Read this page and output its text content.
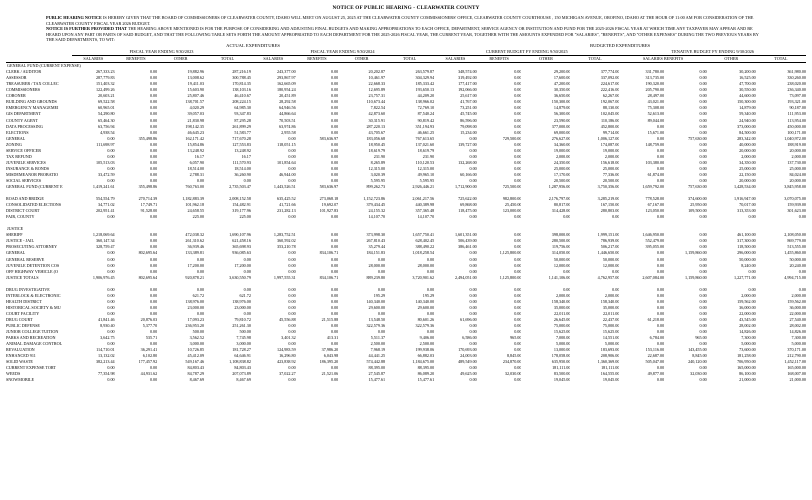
NOTICE OF PUBLIC HEARING - CLEARWATER COUNTY

PUBLIC HEARING NOTICE IS HEREBY GIVEN THAT THE BOARD OF COMMISSIONERS OF CLEARWATER COUNTY, IDAHO WILL MEET ON AUGUST 25, 2025 AT THE CLEARWATER COUNTY COMMISSIONERS' OFFICE, CLEARWATER COUNTY COURTHOUSE , 150 MICHIGAN AVENUE, OROFINO, IDAHO AT THE HOUR OF 11:00 AM FOR CONSIDERATION OF THE CLEARWATER COUNTY FISCAL YEAR 2026 BUDGET.

NOTICE IS FURTHER PROVIDED THAT THE HEARING ABOVE MENTIONED IS FOR THE PURPOSE OF CONSIDERING AND ADJUSTING FINAL BUDGETS AND MAKING APPROPRIATIONS TO EACH OFFICE, DEPARTMENT, SERVICE AGENCY OR INSTITUTION AND FUND FOR THE 2025-2026 FISCAL YEAR AT WHICH TIME ANY TAXPAYER MAY APPEAR AND BE HEARD UPON ANY PART OR PARTS OF SAID BUDGET, AND THAT THE FOLLOWING TABLE SETS FORTH THE AMOUNT APPROPRIATED TO EACH DEPARTMENT FOR THE 2025-2026 FISCAL YEAR, THE CURRENT YEAR, TOGETHER WITH THE AMOUNTS EXPENDED FOR "SALARIES", "BENEFITS", AND "OTHER EXPENSES" DURING THE TWO PREVIOUS YEARS BY THE SAID DEPARTMENTS, TO WIT:

	ACTUAL EXPENDITURES								BUDGETED EXPENDITURES							
	FISCAL YEAR ENDING 9/30/2023				FISCAL YEAR ENDING 9/30/2024				CURRENT BUDGET FY ENDING 9/30/2025				TENATIVE BUDGET FY ENDING 9/30/2026			
	SALARIES	BENEFITS	OTHER	TOTAL	SALARIES	BENEFITS	OTHER	TOTAL	SALARIES	BENEFITS	OTHER	TOTAL	SALARIES BENEFITS		OTHER	TOTAL
GENERAL FUND (CURRENT EXPENSE)																
CLERK / AUDITOR	267,333.23	0.00	19,882.96	287,216.19	243,377.00	0.00	20,202.87	263,579.87	348,574.00	0.00	29,200.00	377,774.00	331,780.00	0.00	30,200.00	361,980.00
ASSESSOR	287,779.83	0.00	13,008.62	300,788.45	293,867.97	0.00	10,461.97	304,329.94	319,492.00	0.00	17,600.00	337,092.00	313,735.00	0.00	16,525.00	330,260.00
TREASURER / TAX COLLEC	151,403.32	0.00	19,411.03	170,814.35	162,665.09	0.00	22,668.33	185,333.42	177,417.00	0.00	47,200.00	224,617.00	190,320.00	0.00	47,700.00	238,020.00
COMMISSIONERS	122,499.26	0.00	15,603.90	138,103.16	180,954.24	0.00	12,695.89	193,650.13	192,066.00	0.00	30,350.00	222,416.00	205,790.00	0.00	30,550.00	236,340.00
CORONER	20,603.21	0.00	25,807.46	46,410.67	20,451.89	0.00	23,757.31	44,209.20	25,617.00	0.00	36,650.00	62,267.00	28,497.00	0.00	44,600.00	73,097.00
BUILDING AND GROUNDS	69,522.58	0.00	138,701.57	208,224.15	28,292.58	0.00	110,673.44	138,966.02	41,767.00	0.00	150,300.00	192,067.00	43,021.00	0.00	150,300.00	193,321.00
EMERGENCY MANAGEMEI	60,965.01	0.00	4,020.29	64,985.30	64,946.56	0.00	7,822.54	72,769.10	73,251.00	0.00	14,879.00	88,130.00	75,308.00	0.00	14,879.00	90,187.00
GIS DEPARTMENT	54,290.80	0.00	39,057.03	93,347.83	44,866.64	0.00	42,873.60	87,540.24	45,745.00	0.00	56,300.00	102,045.00	52,613.00	0.00	59,340.00	111,953.00
COUNTY AGENT	65,464.30	0.00	21,830.98	87,295.28	70,503.51	0.00	30,315.91	90,819.42	86,596.00	0.00	23,590.00	110,186.00	89,044.00	0.00	24,940.00	113,954.00
DATA PROCESSING	63,756.94	0.00	198,142.35	261,899.29	63,974.86	0.00	287,220.13	351,194.93	79,098.00	0.00	377,000.00	452,800.00	0.00	0.00	373,000.00	450,000.00
ELECTIONS	4,938.54	0.00	46,645.23	51,583.77	2,955.58	0.00	43,705.67	46,661.25	15,234.00	0.00	69,000.00	99,714.00	15,671.00	0.00	84,500.00	100,171.00
GENERAL	0.00	355,498.86	162,171.42	717,670.28	0.00	583,636.97	183,056.68	767,613.65	0.00	729,500.00	276,627.00	1,006,127.00	0.00	757,630.00	283,342.00	1,040,972.00
ZONING	111,698.97	0.00	15,854.86	127,553.83	118,051.15	0.00	18,950.45	137,021.60	139,727.00	0.00	34,360.00	174,087.00	148,759.00	0.00	40,000.00	188,919.00
SERVICE OFFICER	0.00	0.00	13,248.92	13,248.92	0.00	0.00	18,619.79	18,619.79	0.00	0.00	19,000.00	19,000.00	0.00	0.00	20,000.00	20,000.00
TAX REFUND	0.00	0.00	16.17	16.17	0.00	0.00	231.90	231.90	0.00	0.00	2,000.00	2,000.00	0.00	0.00	2,000.00	2,000.00
JUVENILE SERVICES	105,513.03	0.00	6,057.90	111,570.93	101,854.64	0.00	8,265.89	110,120.53	132,268.00	0.00	24,350.00	156,618.00	103,380.00	0.00	34,350.00	137,730.00
INSURANCE & BONDS	0.00	0.00	18,514.00	18,514.00	0.00	0.00	12,315.00	12,315.00	0.00	0.00	25,000.00	25,000.00	0.00	0.00	25,000.00	25,000.00
MISDEMEANOR PROBATIO	33,472.59	0.00	2,788.31	36,260.90	46,944.00	0.00	3,020.39	49,965.10	60,166.00	0.00	17,170.00	77,336.00	61,874.00	0.00	22,150.00	84,024.00
SOCIAL SERVICES	0.00	0.00	0.00	0.00	0.00	0.00	5,595.95	5,595.95	0.00	0.00	20,500.00	20,500.00	0.00	0.00	20,000.00	20,000.00
GENERAL FUND (CURRENT E	1,419,241.61	355,498.86	760,763.00	2,735,503.47	1,443,526.51	583,636.97	899,262.73	2,926,446.21	1,712,900.00	725,500.00	1,287,956.00	3,750,356.00	1,659,792.00	757,630.00	1,428,534.00	3,845,958.00

ROAD AND BRIDGE	554,554.79	270,714.39	1,182,883.39	2,008,152.58	635,425.52	273,068.18	1,152,723.86	2,061,217.56	725,622.00	982,800.00	2,176,797.00	3,285,219.00	778,528.00	374,600.00	1,916,947.00	3,070,075.00
CONSOLIDATED ELECTIONS	34,771.02	17,749.71	101,962.18	154,482.91	41,721.66	19,692.07	379,434.45	440,389.98	69,868.00	25,450.00	80,817.00	167,150.00	67,167.00	25,950.00	70,017.00	159,939.00
DISTRICT COURT	202,951.41	91,528.00	24,658.55	319,177.96	231,282.13	101,927.83	24,155.32	357,365.48	118,475.00	123,000.00	314,428.00	280,803.00	123,050.00	109,500.00	313,353.00	301,623.00
FAIR, COUNTY	0.00	0.00	225.00	225.00	0.00	0.00	14,107.70	14,107.70	0.00	0.00	0.00	0.00	0.00	0.00	0.00	0.00

JUSTICE																
SHERIFF	1,218,069.64	0.00	472,038.32	1,690,107.96	1,283,752.51	0.00	373,998.30	1,657,750.41	1,601,351.00	0.00	398,000.00	1,999,151.00	1,646,950.00	0.00	461,100.00	2,108,050.00
JUSTICE - JAIL	360,147.34	0.00	261,310.62	621,458.16	360,592.02	0.00	267,810.43	628,402.45	506,439.00	0.00	280,500.00	786,939.00	552,479.00	0.00	317,300.00	869,779.00
PROSECUTING ATTORNEY	328,759.47	0.00	36,939.46	365,698.93	353,210.78	0.00	35,279.44	388,490.22	386,461.00	0.00	119,756.00	506,217.00	395,055.00	0.00	118,500.00	513,555.00
GENERAL	0.00	802,695.64	133,389.81	936,085.63	0.00	834,106.71	184,151.83	1,018,258.54	0.00	1,125,800.00	314,050.00	1,446,650.00	0.00	1,159,860.00	296,000.00	1,455,860.00
GENERAL RESERVE	0.00	0.00	0.00	0.00	0.00	0.00	0.00	0.00	0.00	0.00	50,000.00	50,000.00	0.00	0.00	50,000.00	50,000.00
JUVENILE DETENTION COS	0.00	0.00	17,200.00	17,200.00	0.00	0.00	28,000.00	28,000.00	0.00	0.00	12,000.00	12,000.00	0.00	0.00	8,240.00	20,240.00
OFF HIGHWAY VEHICLE (O	0.00	0.00	0.00	0.00	0.00	0.00	0.00	0.00	0.00	0.00	0.00	0.00	0.00	0.00	0.00	0.00
JUSTICE TOTALS	1,906,976.45	802,695.64	920,878.21	3,630,550.79	1,997,555.31	834,106.71	889,239.80	3,720,901.62	2,494,051.00	1,125,800.00	1,141,106.00	4,762,957.00	2,607,084.00	1,159,860.00	1,227,771.00	4,994,715.00

DRUG INVESTIGATIVE	0.00	0.00	0.00	0.00	0.00	0.00	0.00	0.00	0.00	0.00	0.00	0.00	0.00	0.00	0.00	0.00
INTERLOCK & ELECTRONIC	0.00	0.00	621.72	621.72	0.00	0.00	195.29	195.29	0.00	0.00	2,000.00	2,000.00	0.00	0.00	2,000.00	2,000.00
HEALTH DISTRICT	0.00	0.00	138,976.00	138,976.00	0.00	0.00	140,340.00	140,340.00	0.00	0.00	158,340.00	158,340.00	0.00	0.00	159,562.00	159,562.00
HISTORICAL SOCIETY & MU	0.00	0.00	23,000.00	23,000.00	0.00	0.00	29,600.00	29,600.00	0.00	0.00	35,000.00	35,000.00	0.00	0.00	36,000.00	36,000.00
COURT FACILITY	0.00	0.00	0.00	0.00	0.00	0.00	0.00	0.00	0.00	0.00	22,011.00	22,011.00	0.00	0.00	22,000.00	22,000.00
DRUG COURT	41,841.46	20,876.03	17,093.23	79,810.72	45,556.88	21,515.88	13,548.50	80,601.26	61,696.00	0.00	26,645.00	22,437.00	61,218.00	0.00	43,545.00	27,540.00
PUBLIC DEFENSE	8,930.40	5,377.70	236,953.20	251,261.30	0.00	0.00	322,579.36	322,579.36	0.00	0.00	75,000.00	75,000.00	0.00	0.00	28,002.00	28,002.00
JUNIOR COLLEGE TUITION	0.00	0.00	500.00	500.00	0.00	0.00	0.00	0.00	0.00	0.00	15,625.00	15,625.00	0.00	0.00	14,826.00	14,826.00
PARKS AND RECREATION	3,642.75	535.71	3,562.52	7,745.98	3,401.32	413.31	5,511.37	9,406.00	6,586.00	965.00	7,000.00	14,551.00	6,784.00	965.00	7,300.00	7,300.00
ANIMAL DAMAGE CONTROL	0.00	0.00	3,000.00	3,000.00	0.00	0.00	2,500.00	2,500.00	0.00	0.00	5,000.00	5,000.00	0.00	0.00	5,000.00	5,000.00
REVALUATION	114,710.01	36,291.41	10,726.85	181,728.27	124,983.59	37,986.20	7,968.19	199,938.06	170,693.00	0.00	13,000.00	183,693.00	153,116.00	143,455.00	73,600.00	370,171.00
ENHANCED 911	13,132.02	6,102.80	45,412.09	64,646.91	16,296.80	6,043.98	44,441.25	66,882.03	24,003.00	8,845.00	178,058.00	208,906.00	22,687.00	8,845.00	181,258.00	212,790.00
SOLID WASTE	382,213.44	177,457.92	549,167.46	1,108,838.82	423,838.92	186,395.20	574,442.88	1,184,675.00	489,549.00	234,870.00	635,950.00	1,360,369.00	505,047.00	240,120.00	706,950.00	1,452,117.00
CURRENT EXPENSE TORT	0.00	0.00	84,803.43	84,803.43	0.00	0.00	88,395.00	88,395.00	0.00	0.00	181,111.00	181,111.00	0.00	0.00	165,000.00	165,000.00
WEEDS	77,354.98	44,931.62	84,787.29	207,073.89	37,022.27	21,521.06	27,545.87	86,089.20	49,625.00	32,030.00	83,500.00	164,555.00	49,877.00	32,030.00	86,100.00	168,007.00
SNOWMOBILE	0.00	0.00	8,467.69	8,467.69	0.00	0.00	15,477.61	15,477.61	0.00	0.00	19,045.00	19,045.00	0.00	0.00	21,000.00	21,000.00
